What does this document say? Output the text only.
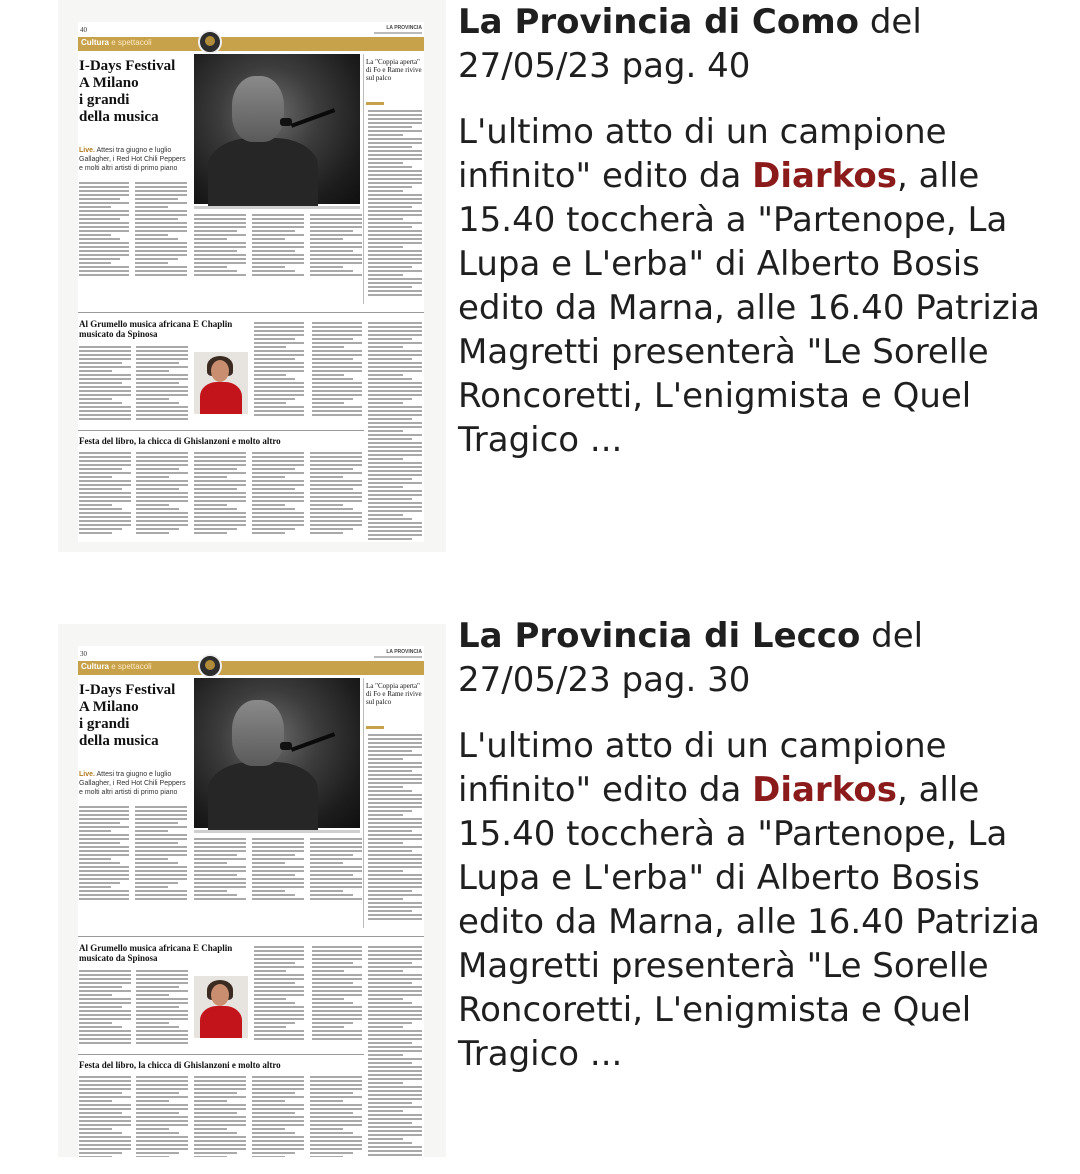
40	LA PROVINCIA
Cultura e spettacoli
I-Days Festival
A Milano
i grandi
della musica
Live. Attesi tra giugno e luglio Gallagher, i Red Hot Chili Peppers e molti altri artisti di primo piano
La "Coppia aperta" di Fo e Rame rivive sul palco
Al Grumello musica africana E Chaplin musicato da Spinosa
Festa del libro, la chicca di Ghislanzoni e molto altro

La Provincia di Como del 27/05/23 pag. 40

L'ultimo atto di un campione infinito" edito da Diarkos, alle 15.40 toccherà a "Partenope, La Lupa e L'erba" di Alberto Bosis edito da Marna, alle 16.40 Patrizia Magretti presenterà "Le Sorelle Roncoretti, L'enigmista e Quel Tragico ...

30	LA PROVINCIA
Cultura e spettacoli
I-Days Festival
A Milano
i grandi
della musica
Live. Attesi tra giugno e luglio Gallagher, i Red Hot Chili Peppers e molti altri artisti di primo piano
La "Coppia aperta" di Fo e Rame rivive sul palco
Al Grumello musica africana E Chaplin musicato da Spinosa
Festa del libro, la chicca di Ghislanzoni e molto altro

La Provincia di Lecco del 27/05/23 pag. 30

L'ultimo atto di un campione infinito" edito da Diarkos, alle 15.40 toccherà a "Partenope, La Lupa e L'erba" di Alberto Bosis edito da Marna, alle 16.40 Patrizia Magretti presenterà "Le Sorelle Roncoretti, L'enigmista e Quel Tragico ...
